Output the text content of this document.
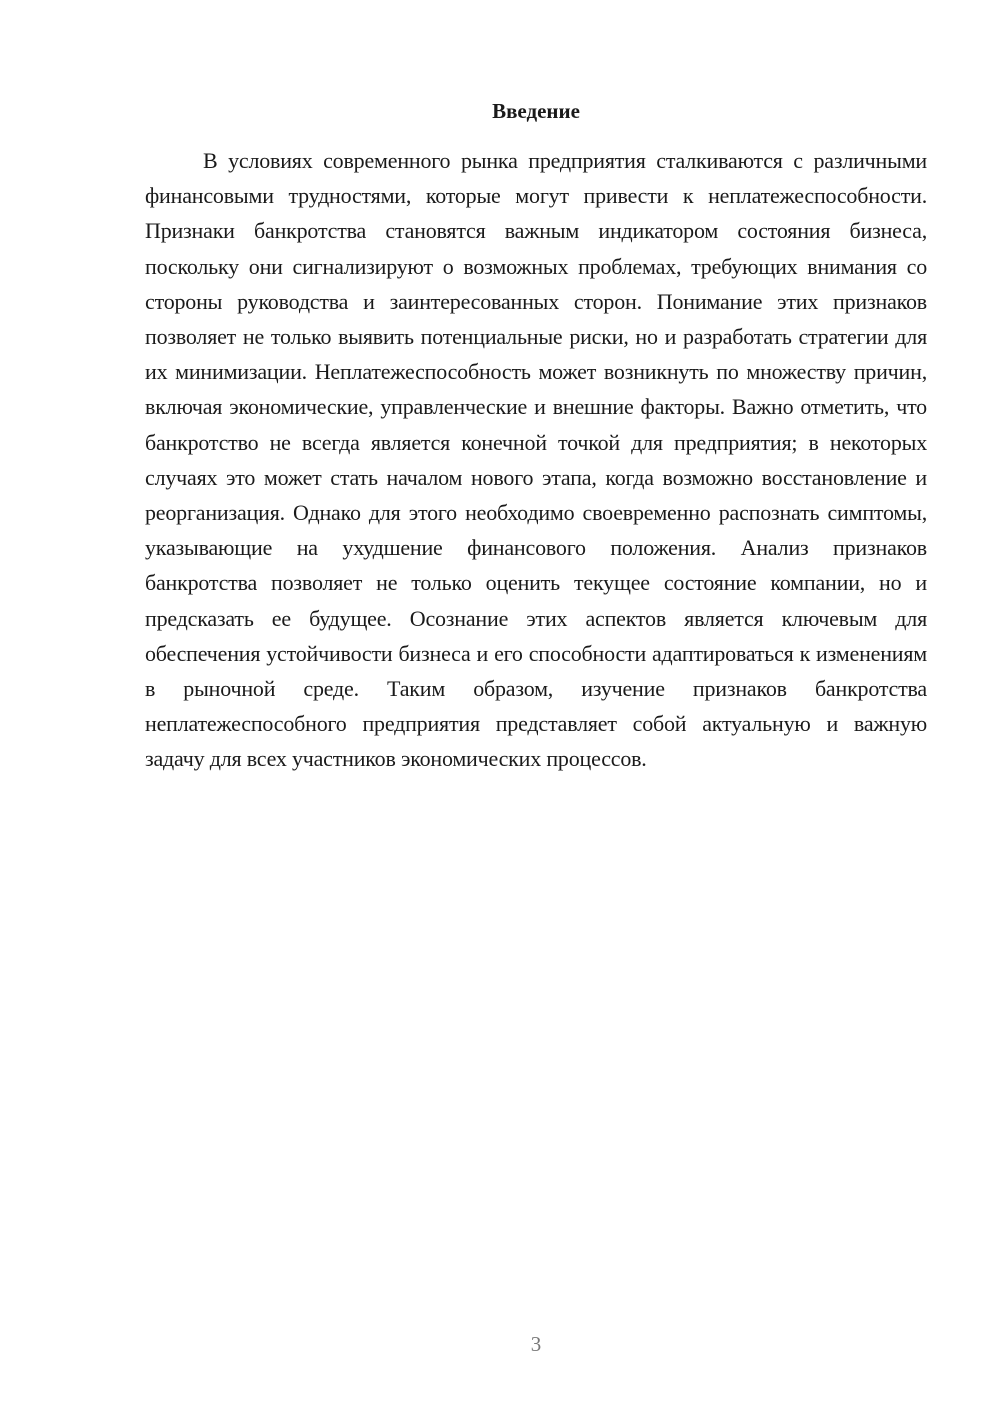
Введение

В условиях современного рынка предприятия сталкиваются с различными финансовыми трудностями, которые могут привести к неплатежеспособности. Признаки банкротства становятся важным индикатором состояния бизнеса, поскольку они сигнализируют о возможных проблемах, требующих внимания со стороны руководства и заинтересованных сторон. Понимание этих признаков позволяет не только выявить потенциальные риски, но и разработать стратегии для их минимизации. Неплатежеспособность может возникнуть по множеству причин, включая экономические, управленческие и внешние факторы. Важно отметить, что банкротство не всегда является конечной точкой для предприятия; в некоторых случаях это может стать началом нового этапа, когда возможно восстановление и реорганизация. Однако для этого необходимо своевременно распознать симптомы, указывающие на ухудшение финансового положения. Анализ признаков банкротства позволяет не только оценить текущее состояние компании, но и предсказать ее будущее. Осознание этих аспектов является ключевым для обеспечения устойчивости бизнеса и его способности адаптироваться к изменениям в рыночной среде. Таким образом, изучение признаков банкротства неплатежеспособного предприятия представляет собой актуальную и важную задачу для всех участников экономических процессов.

3
